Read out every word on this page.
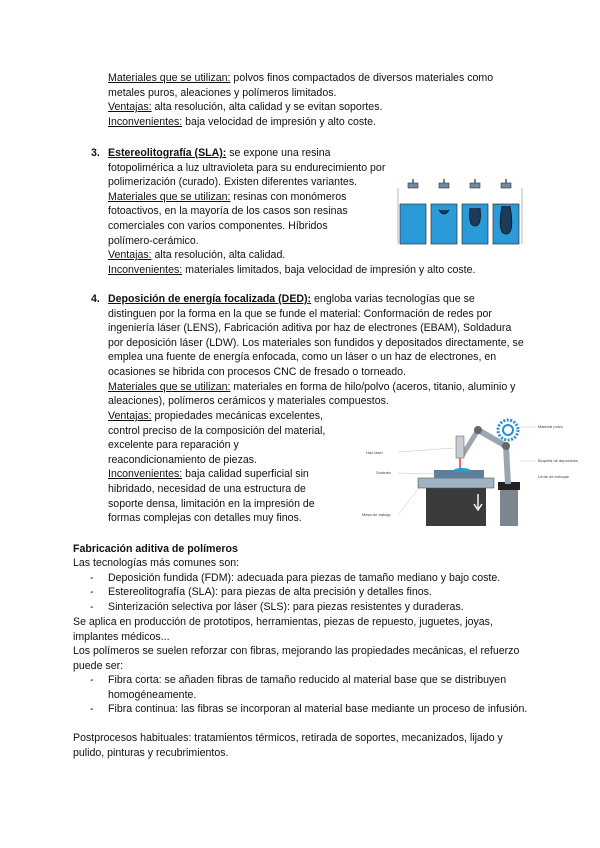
Materiales que se utilizan: polvos finos compactados de diversos materiales como metales puros, aleaciones y polímeros limitados.
Ventajas: alta resolución, alta calidad y se evitan soportes.
Inconvenientes: baja velocidad de impresión y alto coste.
3. Estereolitografía (SLA): se expone una resina

fotopolimérica a luz ultravioleta para su endurecimiento por

polimerización (curado). Existen diferentes variantes.

Materiales que se utilizan: resinas con monómeros

fotoactivos, en la mayoría de los casos son resinas

comerciales con varios componentes. Híbridos

polímero-cerámico.

Ventajas: alta resolución, alta calidad.

Inconvenientes: materiales limitados, baja velocidad de impresión y alto coste.
4. Deposición de energía focalizada (DED): engloba varias tecnologías que se distinguen por la forma en la que se funde el material: Conformación de redes por ingeniería láser (LENS), Fabricación aditiva por haz de electrones (EBAM), Soldadura por deposición láser (LDW). Los materiales son fundidos y depositados directamente, se emplea una fuente de energía enfocada, como un láser o un haz de electrones, en ocasiones se hibrida con procesos CNC de fresado o torneado.

Materiales que se utilizan: materiales en forma de hilo/polvo (aceros, titanio, aluminio y aleaciones), polímeros cerámicos y materiales compuestos.

Ventajas: propiedades mecánicas excelentes,

control preciso de la composición del material,

excelente para reparación y

reacondicionamiento de piezas.

Inconvenientes: baja calidad superficial sin

hibridado, necesidad de una estructura de

soporte densa, limitación en la impresión de

formas complejas con detalles muy finos.

Material polvo
Haz láser
Boquilla de deposición
Sustrato
Lente de enfoque
Mesa de trabajo
Fabricación aditiva de polímeros
Las tecnologías más comunes son:
- Deposición fundida (FDM): adecuada para piezas de tamaño mediano y bajo coste.
- Estereolitografía (SLA): para piezas de alta precisión y detalles finos.
- Sinterización selectiva por láser (SLS): para piezas resistentes y duraderas.
Se aplica en producción de prototipos, herramientas, piezas de repuesto, juguetes, joyas, implantes médicos...
Los polímeros se suelen reforzar con fibras, mejorando las propiedades mecánicas, el refuerzo puede ser:
- Fibra corta: se añaden fibras de tamaño reducido al material base que se distribuyen homogéneamente.
- Fibra continua: las fibras se incorporan al material base mediante un proceso de infusión.
Postprocesos habituales: tratamientos térmicos, retirada de soportes, mecanizados, lijado y pulido, pinturas y recubrimientos.
